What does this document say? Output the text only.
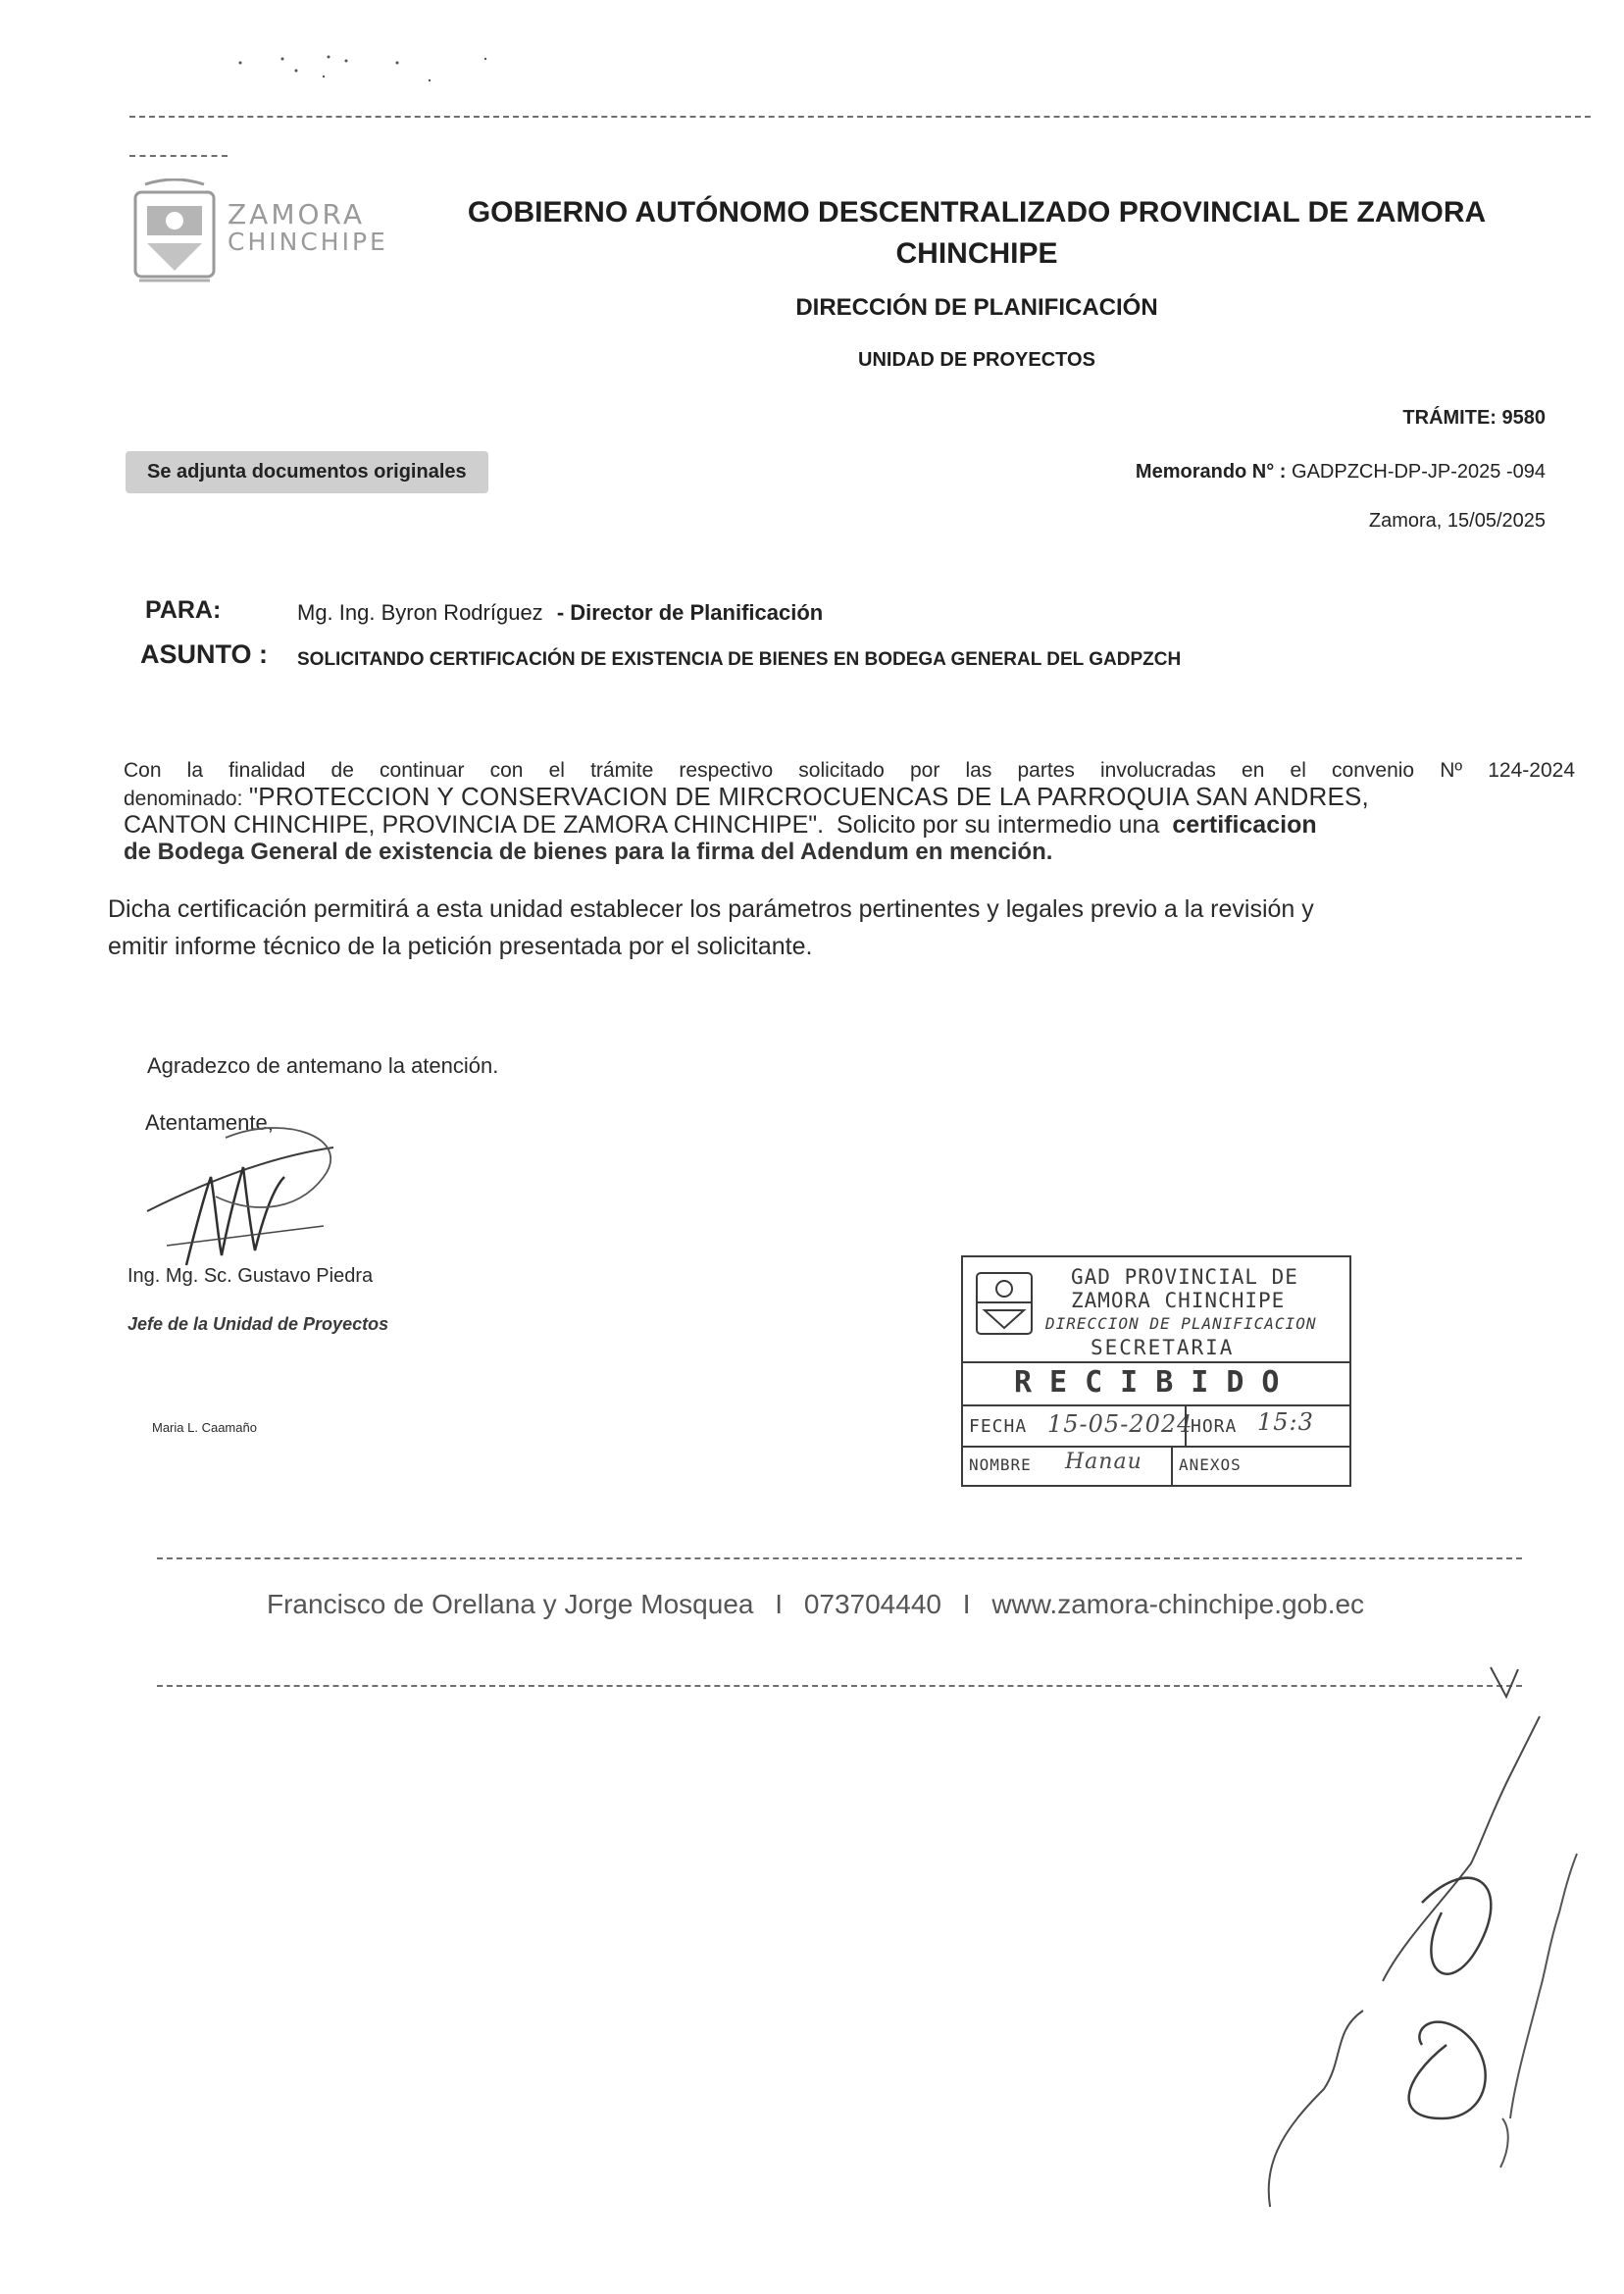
ZAMORA
CHINCHIPE
GOBIERNO AUTÓNOMO DESCENTRALIZADO PROVINCIAL DE ZAMORA
CHINCHIPE
DIRECCIÓN DE PLANIFICACIÓN
UNIDAD DE PROYECTOS
TRÁMITE: 9580
Se adjunta documentos originales	Memorando N° : GADPZCH-DP-JP-2025 -094
Zamora, 15/05/2025
PARA:	Mg. Ing. Byron Rodríguez - Director de Planificación
ASUNTO : SOLICITANDO CERTIFICACIÓN DE EXISTENCIA DE BIENES EN BODEGA GENERAL DEL GADPZCH
Con la finalidad de continuar con el trámite respectivo solicitado por las partes involucradas en el convenio Nº 124-2024
denominado: "PROTECCION Y CONSERVACION DE MIRCROCUENCAS DE LA PARROQUIA SAN ANDRES,
CANTON CHINCHIPE, PROVINCIA DE ZAMORA CHINCHIPE". Solicito por su intermedio una certificacion
de Bodega General de existencia de bienes para la firma del Adendum en mención.
Dicha certificación permitirá a esta unidad establecer los parámetros pertinentes y legales previo a la revisión y
emitir informe técnico de la petición presentada por el solicitante.
Agradezco de antemano la atención.
Atentamente,
Ing. Mg. Sc. Gustavo Piedra
Jefe de la Unidad de Proyectos
Maria L. Caamaño
GAD PROVINCIAL DE
ZAMORA CHINCHIPE
DIRECCION DE PLANIFICACION
SECRETARIA
RECIBIDO
FECHA 15-05-2024
HORA 15:3
NOMBRE Hanau ANEXOS
Francisco de Orellana y Jorge Mosquea I 073704440 I www.zamora-chinchipe.gob.ec
